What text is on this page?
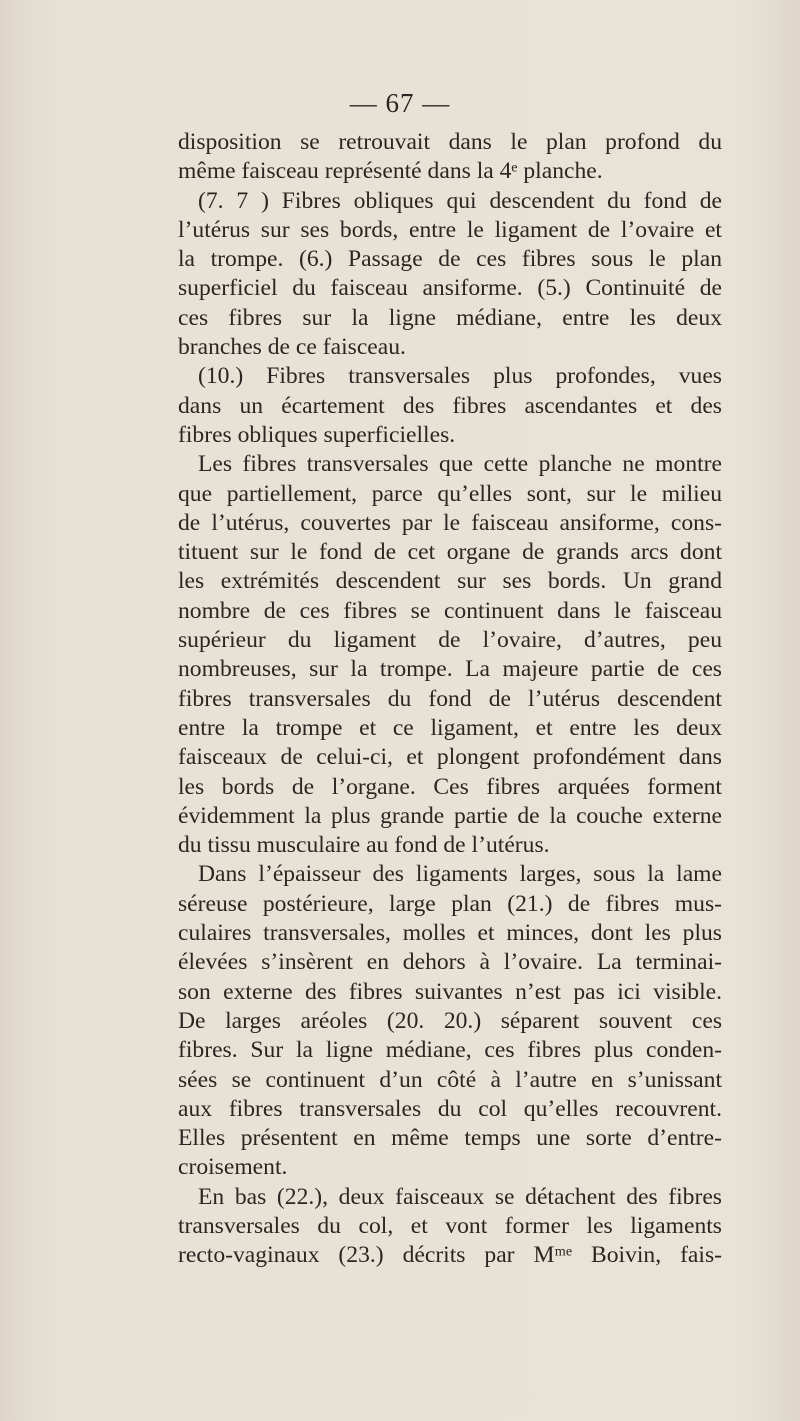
— 67 —
disposition se retrouvait dans le plan profond du
même faisceau représenté dans la 4ᵉ planche.
(7. 7 ) Fibres obliques qui descendent du fond de
l’utérus sur ses bords, entre le ligament de l’ovaire et
la trompe. (6.) Passage de ces fibres sous le plan
superficiel du faisceau ansiforme. (5.) Continuité de
ces fibres sur la ligne médiane, entre les deux
branches de ce faisceau.
(10.) Fibres transversales plus profondes, vues
dans un écartement des fibres ascendantes et des
fibres obliques superficielles.
Les fibres transversales que cette planche ne montre
que partiellement, parce qu’elles sont, sur le milieu
de l’utérus, couvertes par le faisceau ansiforme, cons-
tituent sur le fond de cet organe de grands arcs dont
les extrémités descendent sur ses bords. Un grand
nombre de ces fibres se continuent dans le faisceau
supérieur du ligament de l’ovaire, d’autres, peu
nombreuses, sur la trompe. La majeure partie de ces
fibres transversales du fond de l’utérus descendent
entre la trompe et ce ligament, et entre les deux
faisceaux de celui-ci, et plongent profondément dans
les bords de l’organe. Ces fibres arquées forment
évidemment la plus grande partie de la couche externe
du tissu musculaire au fond de l’utérus.
Dans l’épaisseur des ligaments larges, sous la lame
séreuse postérieure, large plan (21.) de fibres mus-
culaires transversales, molles et minces, dont les plus
élevées s’insèrent en dehors à l’ovaire. La terminai-
son externe des fibres suivantes n’est pas ici visible.
De larges aréoles (20. 20.) séparent souvent ces
fibres. Sur la ligne médiane, ces fibres plus conden-
sées se continuent d’un côté à l’autre en s’unissant
aux fibres transversales du col qu’elles recouvrent.
Elles présentent en même temps une sorte d’entre-
croisement.
En bas (22.), deux faisceaux se détachent des fibres
transversales du col, et vont former les ligaments
recto-vaginaux (23.) décrits par Mᵐᵉ Boivin, fais-
